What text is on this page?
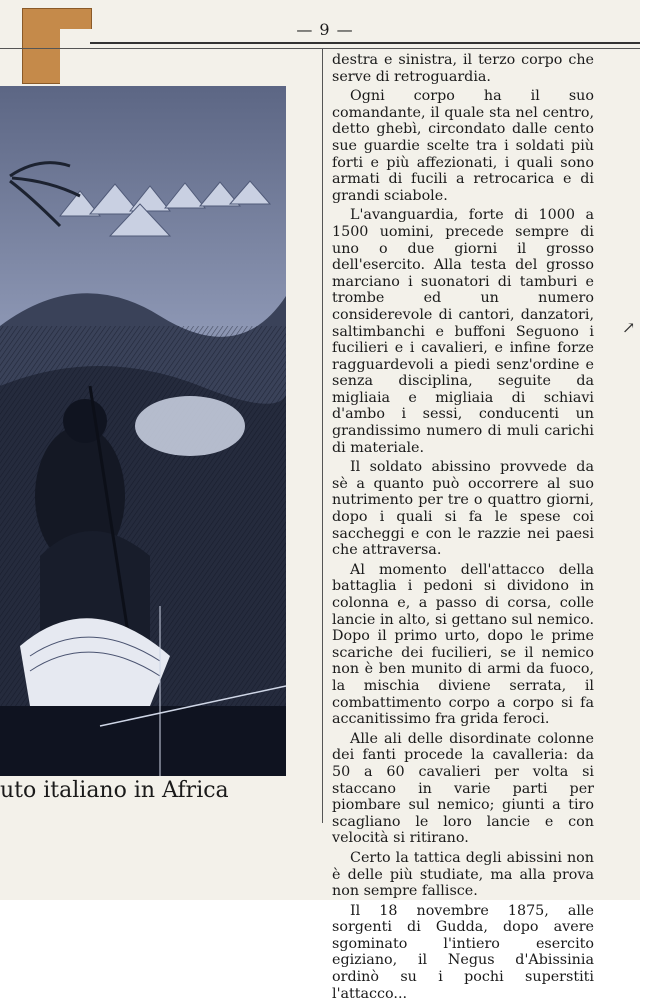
— 9 —
uto italiano in Africa

destra e sinistra, il terzo corpo che serve di retroguardia.

Ogni corpo ha il suo comandante, il quale sta nel centro, detto ghebì, circondato dalle cento sue guardie scelte tra i soldati più forti e più affezionati, i quali sono armati di fucili a retrocarica e di grandi sciabole.

L'avanguardia, forte di 1000 a 1500 uomini, precede sempre di uno o due giorni il grosso dell'esercito. Alla testa del grosso marciano i suonatori di tamburi e trombe ed un numero considerevole di cantori, danzatori, saltimbanchi e buffoni Seguono i fucilieri e i cavalieri, e infine forze ragguardevoli a piedi senz'ordine e senza disciplina, seguite da migliaia e migliaia di schiavi d'ambo i sessi, conducenti un grandissimo numero di muli carichi di materiale.

Il soldato abissino provvede da sè a quanto può occorrere al suo nutrimento per tre o quattro giorni, dopo i quali si fa le spese coi saccheggi e con le razzie nei paesi che attraversa.

Al momento dell'attacco della battaglia i pedoni si dividono in colonna e, a passo di corsa, colle lancie in alto, si gettano sul nemico. Dopo il primo urto, dopo le prime scariche dei fucilieri, se il nemico non è ben munito di armi da fuoco, la mischia diviene serrata, il combattimento corpo a corpo si fa accanitissimo fra grida feroci.

Alle ali delle disordinate colonne dei fanti procede la cavalleria: da 50 a 60 cavalieri per volta si staccano in varie parti per piombare sul nemico; giunti a tiro scagliano le loro lancie e con velocità si ritirano.

Certo la tattica degli abissini non è delle più studiate, ma alla prova non sempre fallisce.

Il 18 novembre 1875, alle sorgenti di Gudda, dopo avere sgominato l'intiero esercito egiziano, il Negus d'Abissinia ordinò su i pochi superstiti l'attacco...

↗
